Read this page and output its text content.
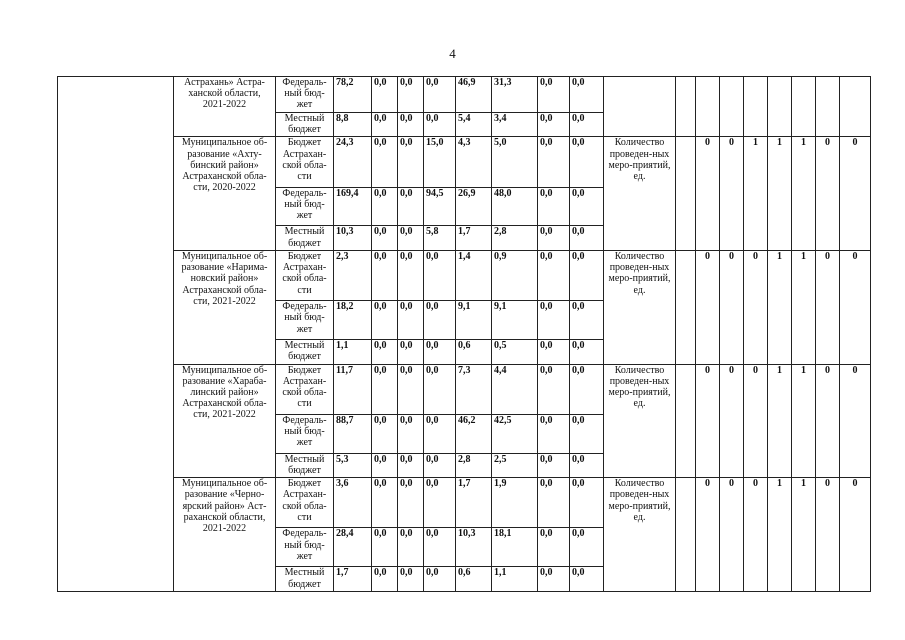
4
	Астрахань» Астра-ханской области, 2021-2022	Федераль-ный бюд-жет	78,2	0,0	0,0	0,0	46,9	31,3	0,0	0,0									
		Местный бюджет	8,8	0,0	0,0	0,0	5,4	3,4	0,0	0,0									
	Муниципальное об-разование «Ахту-бинский район» Астраханской обла-сти, 2020-2022	Бюджет Астрахан-ской обла-сти	24,3	0,0	0,0	15,0	4,3	5,0	0,0	0,0	Количество проведен-ных меро-приятий, ед.		0	0	1	1	1	0	0
		Федераль-ный бюд-жет	169,4	0,0	0,0	94,5	26,9	48,0	0,0	0,0									
		Местный бюджет	10,3	0,0	0,0	5,8	1,7	2,8	0,0	0,0									
	Муниципальное об-разование «Нарима-новский район» Астраханской обла-сти, 2021-2022	Бюджет Астрахан-ской обла-сти	2,3	0,0	0,0	0,0	1,4	0,9	0,0	0,0	Количество проведен-ных меро-приятий, ед.		0	0	0	1	1	0	0
		Федераль-ный бюд-жет	18,2	0,0	0,0	0,0	9,1	9,1	0,0	0,0									
		Местный бюджет	1,1	0,0	0,0	0,0	0,6	0,5	0,0	0,0									
	Муниципальное об-разование «Хараба-линский район» Астраханской обла-сти, 2021-2022	Бюджет Астрахан-ской обла-сти	11,7	0,0	0,0	0,0	7,3	4,4	0,0	0,0	Количество проведен-ных меро-приятий, ед.		0	0	0	1	1	0	0
		Федераль-ный бюд-жет	88,7	0,0	0,0	0,0	46,2	42,5	0,0	0,0									
		Местный бюджет	5,3	0,0	0,0	0,0	2,8	2,5	0,0	0,0									
	Муниципальное об-разование «Черно-ярский район» Аст-раханской области, 2021-2022	Бюджет Астрахан-ской обла-сти	3,6	0,0	0,0	0,0	1,7	1,9	0,0	0,0	Количество проведен-ных меро-приятий, ед.		0	0	0	1	1	0	0
		Федераль-ный бюд-жет	28,4	0,0	0,0	0,0	10,3	18,1	0,0	0,0									
		Местный бюджет	1,7	0,0	0,0	0,0	0,6	1,1	0,0	0,0									
